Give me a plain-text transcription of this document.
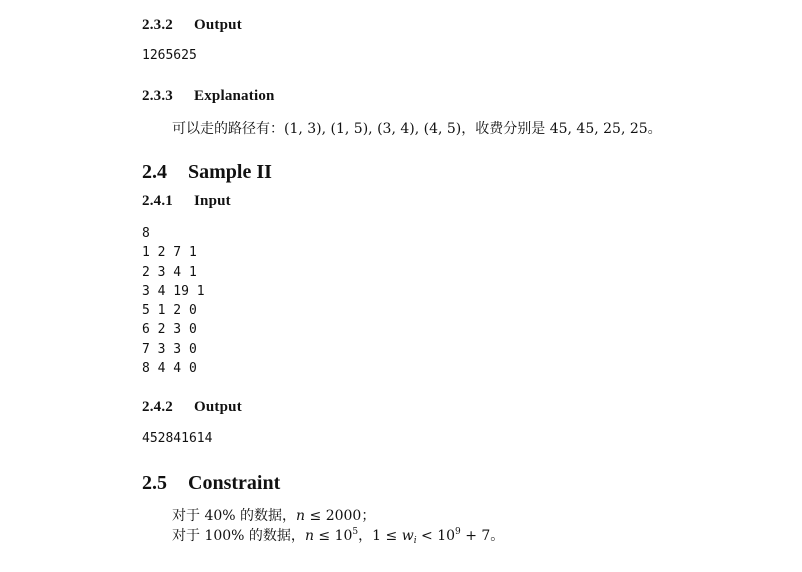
2.3.2 Output
1265625
2.3.3 Explanation
可以走的路径有：(1, 3), (1, 5), (3, 4), (4, 5)，收费分别是 45, 45, 25, 25。
2.4 Sample II
2.4.1 Input
8
1 2 7 1
2 3 4 1
3 4 19 1
5 1 2 0
6 2 3 0
7 3 3 0
8 4 4 0
2.4.2 Output
452841614
2.5 Constraint
对于 40% 的数据，n ≤ 2000；
对于 100% 的数据，$n \le 10^5$，$1 \le w_i < 10^9 + 7$。
